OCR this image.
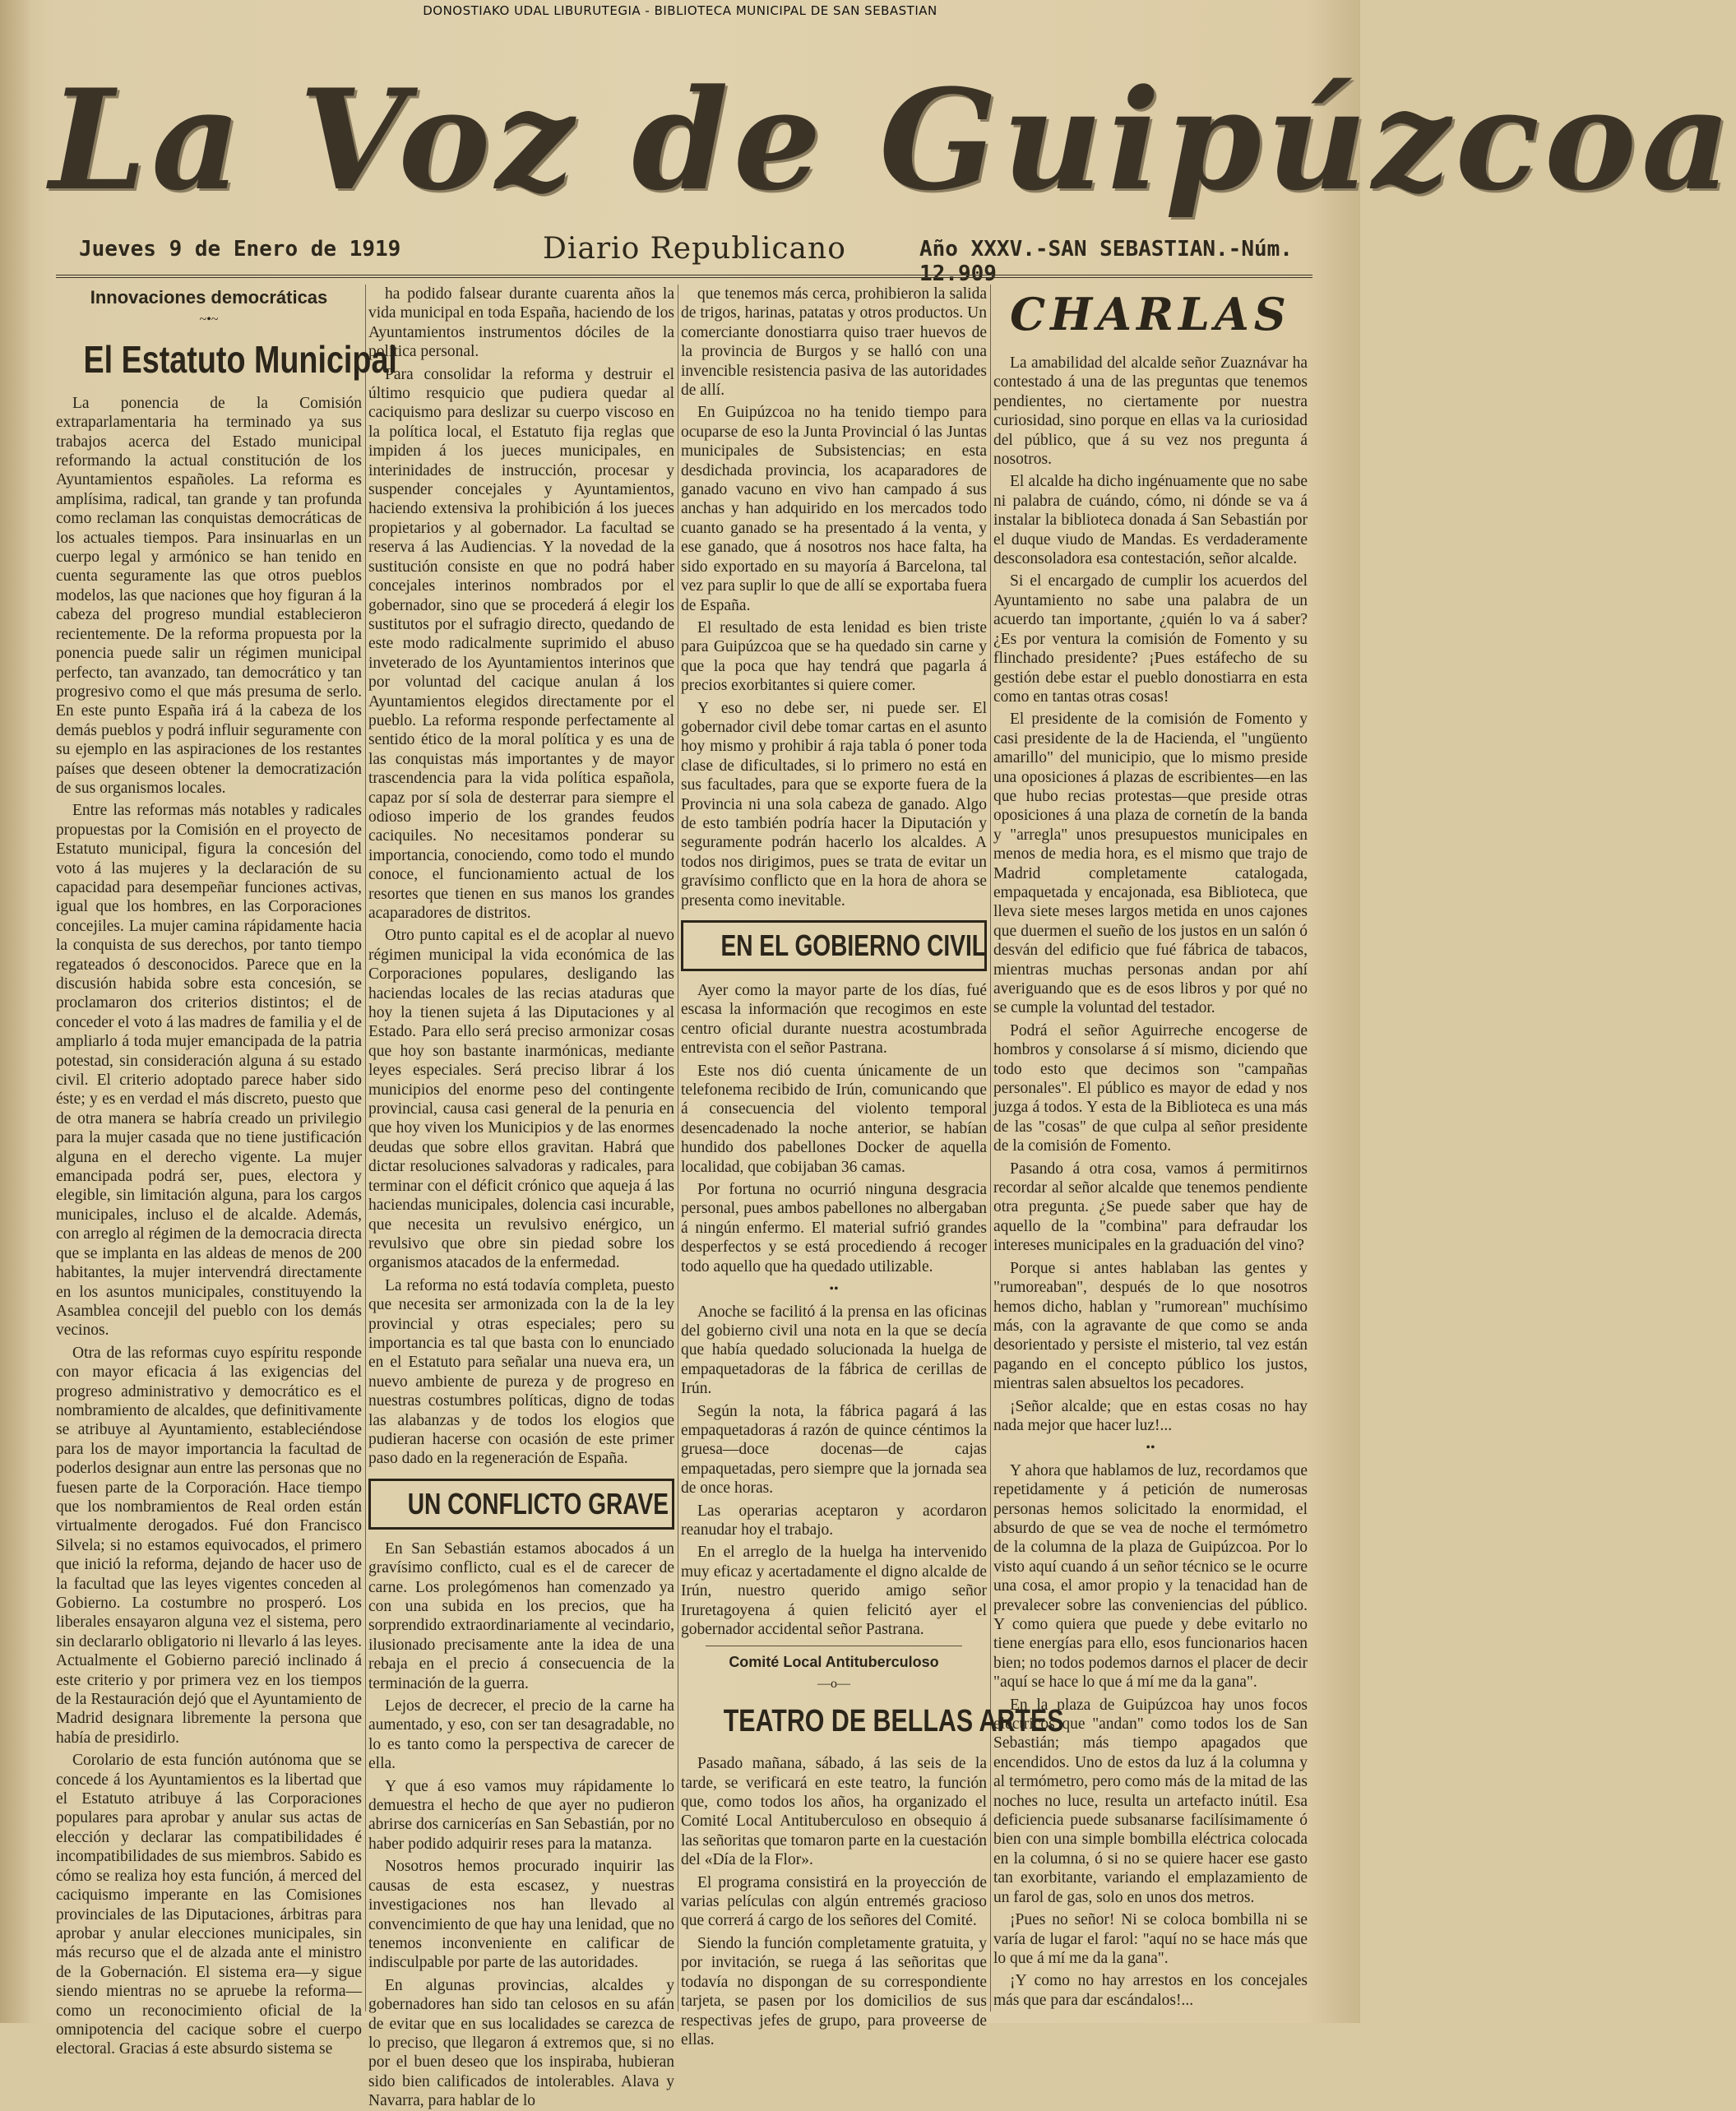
DONOSTIAKO UDAL LIBURUTEGIA - BIBLIOTECA MUNICIPAL DE SAN SEBASTIAN
La Voz de Guipúzcoa
Jueves 9 de Enero de 1919	Diario Republicano	Año XXXV.-SAN SEBASTIAN.-Núm. 12.909
Innovaciones democráticas
~•~
El Estatuto Municipal

La ponencia de la Comisión extraparlamentaria ha terminado ya sus trabajos acerca del Estado municipal reformando la actual constitución de los Ayuntamientos españoles. La reforma es amplísima, radical, tan grande y tan profunda como reclaman las conquistas democráticas de los actuales tiempos. Para insinuarlas en un cuerpo legal y armónico se han tenido en cuenta seguramente las que otros pueblos modelos, las que naciones que hoy figuran á la cabeza del progreso mundial establecieron recientemente. De la reforma propuesta por la ponencia puede salir un régimen municipal perfecto, tan avanzado, tan democrático y tan progresivo como el que más presuma de serlo. En este punto España irá á la cabeza de los demás pueblos y podrá influir seguramente con su ejemplo en las aspiraciones de los restantes países que deseen obtener la democratización de sus organismos locales.

Entre las reformas más notables y radicales propuestas por la Comisión en el proyecto de Estatuto municipal, figura la concesión del voto á las mujeres y la declaración de su capacidad para desempeñar funciones activas, igual que los hombres, en las Corporaciones concejiles. La mujer camina rápidamente hacia la conquista de sus derechos, por tanto tiempo regateados ó desconocidos. Parece que en la discusión habida sobre esta concesión, se proclamaron dos criterios distintos; el de conceder el voto á las madres de familia y el de ampliarlo á toda mujer emancipada de la patria potestad, sin consideración alguna á su estado civil. El criterio adoptado parece haber sido éste; y es en verdad el más discreto, puesto que de otra manera se habría creado un privilegio para la mujer casada que no tiene justificación alguna en el derecho vigente. La mujer emancipada podrá ser, pues, electora y elegible, sin limitación alguna, para los cargos municipales, incluso el de alcalde. Además, con arreglo al régimen de la democracia directa que se implanta en las aldeas de menos de 200 habitantes, la mujer intervendrá directamente en los asuntos municipales, constituyendo la Asamblea concejil del pueblo con los demás vecinos.

Otra de las reformas cuyo espíritu responde con mayor eficacia á las exigencias del progreso administrativo y democrático es el nombramiento de alcaldes, que definitivamente se atribuye al Ayuntamiento, estableciéndose para los de mayor importancia la facultad de poderlos designar aun entre las personas que no fuesen parte de la Corporación. Hace tiempo que los nombramientos de Real orden están virtualmente derogados. Fué don Francisco Silvela; si no estamos equivocados, el primero que inició la reforma, dejando de hacer uso de la facultad que las leyes vigentes conceden al Gobierno. La costumbre no prosperó. Los liberales ensayaron alguna vez el sistema, pero sin declararlo obligatorio ni llevarlo á las leyes. Actualmente el Gobierno pareció inclinado á este criterio y por primera vez en los tiempos de la Restauración dejó que el Ayuntamiento de Madrid designara libremente la persona que había de presidirlo.

Corolario de esta función autónoma que se concede á los Ayuntamientos es la libertad que el Estatuto atribuye á las Corporaciones populares para aprobar y anular sus actas de elección y declarar las compatibilidades é incompatibilidades de sus miembros. Sabido es cómo se realiza hoy esta función, á merced del caciquismo imperante en las Comisiones provinciales de las Diputaciones, árbitras para aprobar y anular elecciones municipales, sin más recurso que el de alzada ante el ministro de la Gobernación. El sistema era—y sigue siendo mientras no se apruebe la reforma—como un reconocimiento oficial de la omnipotencia del cacique sobre el cuerpo electoral. Gracias á este absurdo sistema se

ha podido falsear durante cuarenta años la vida municipal en toda España, haciendo de los Ayuntamientos instrumentos dóciles de la política personal.

Para consolidar la reforma y destruir el último resquicio que pudiera quedar al caciquismo para deslizar su cuerpo viscoso en la política local, el Estatuto fija reglas que impiden á los jueces municipales, en interinidades de instrucción, procesar y suspender concejales y Ayuntamientos, haciendo extensiva la prohibición á los jueces propietarios y al gobernador. La facultad se reserva á las Audiencias. Y la novedad de la sustitución consiste en que no podrá haber concejales interinos nombrados por el gobernador, sino que se procederá á elegir los sustitutos por el sufragio directo, quedando de este modo radicalmente suprimido el abuso inveterado de los Ayuntamientos interinos que por voluntad del cacique anulan á los Ayuntamientos elegidos directamente por el pueblo. La reforma responde perfectamente al sentido ético de la moral política y es una de las conquistas más importantes y de mayor trascendencia para la vida política española, capaz por sí sola de desterrar para siempre el odioso imperio de los grandes feudos caciquiles. No necesitamos ponderar su importancia, conociendo, como todo el mundo conoce, el funcionamiento actual de los resortes que tienen en sus manos los grandes acaparadores de distritos.

Otro punto capital es el de acoplar al nuevo régimen municipal la vida económica de las Corporaciones populares, desligando las haciendas locales de las recias ataduras que hoy la tienen sujeta á las Diputaciones y al Estado. Para ello será preciso armonizar cosas que hoy son bastante inarmónicas, mediante leyes especiales. Será preciso librar á los municipios del enorme peso del contingente provincial, causa casi general de la penuria en que hoy viven los Municipios y de las enormes deudas que sobre ellos gravitan. Habrá que dictar resoluciones salvadoras y radicales, para terminar con el déficit crónico que aqueja á las haciendas municipales, dolencia casi incurable, que necesita un revulsivo enérgico, un revulsivo que obre sin piedad sobre los organismos atacados de la enfermedad.

La reforma no está todavía completa, puesto que necesita ser armonizada con la de la ley provincial y otras especiales; pero su importancia es tal que basta con lo enunciado en el Estatuto para señalar una nueva era, un nuevo ambiente de pureza y de progreso en nuestras costumbres políticas, digno de todas las alabanzas y de todos los elogios que pudieran hacerse con ocasión de este primer paso dado en la regeneración de España.

UN CONFLICTO GRAVE

En San Sebastián estamos abocados á un gravísimo conflicto, cual es el de carecer de carne. Los prolegómenos han comenzado ya con una subida en los precios, que ha sorprendido extraordinariamente al vecindario, ilusionado precisamente ante la idea de una rebaja en el precio á consecuencia de la terminación de la guerra.

Lejos de decrecer, el precio de la carne ha aumentado, y eso, con ser tan desagradable, no lo es tanto como la perspectiva de carecer de ella.

Y que á eso vamos muy rápidamente lo demuestra el hecho de que ayer no pudieron abrirse dos carnicerías en San Sebastián, por no haber podido adquirir reses para la matanza.

Nosotros hemos procurado inquirir las causas de esta escasez, y nuestras investigaciones nos han llevado al convencimiento de que hay una lenidad, que no tenemos inconveniente en calificar de indisculpable por parte de las autoridades.

En algunas provincias, alcaldes y gobernadores han sido tan celosos en su afán de evitar que en sus localidades se carezca de lo preciso, que llegaron á extremos que, si no por el buen deseo que los inspiraba, hubieran sido bien calificados de intolerables. Alava y Navarra, para hablar de lo

que tenemos más cerca, prohibieron la salida de trigos, harinas, patatas y otros productos. Un comerciante donostiarra quiso traer huevos de la provincia de Burgos y se halló con una invencible resistencia pasiva de las autoridades de allí.

En Guipúzcoa no ha tenido tiempo para ocuparse de eso la Junta Provincial ó las Juntas municipales de Subsistencias; en esta desdichada provincia, los acaparadores de ganado vacuno en vivo han campado á sus anchas y han adquirido en los mercados todo cuanto ganado se ha presentado á la venta, y ese ganado, que á nosotros nos hace falta, ha sido exportado en su mayoría á Barcelona, tal vez para suplir lo que de allí se exportaba fuera de España.

El resultado de esta lenidad es bien triste para Guipúzcoa que se ha quedado sin carne y que la poca que hay tendrá que pagarla á precios exorbitantes si quiere comer.

Y eso no debe ser, ni puede ser. El gobernador civil debe tomar cartas en el asunto hoy mismo y prohibir á raja tabla ó poner toda clase de dificultades, si lo primero no está en sus facultades, para que se exporte fuera de la Provincia ni una sola cabeza de ganado. Algo de esto también podría hacer la Diputación y seguramente podrán hacerlo los alcaldes. A todos nos dirigimos, pues se trata de evitar un gravísimo conflicto que en la hora de ahora se presenta como inevitable.

EN EL GOBIERNO CIVIL

Ayer como la mayor parte de los días, fué escasa la información que recogimos en este centro oficial durante nuestra acostumbrada entrevista con el señor Pastrana.

Este nos dió cuenta únicamente de un telefonema recibido de Irún, comunicando que á consecuencia del violento temporal desencadenado la noche anterior, se habían hundido dos pabellones Docker de aquella localidad, que cobijaban 36 camas.

Por fortuna no ocurrió ninguna desgracia personal, pues ambos pabellones no albergaban á ningún enfermo. El material sufrió grandes desperfectos y se está procediendo á recoger todo aquello que ha quedado utilizable.

••

Anoche se facilitó á la prensa en las oficinas del gobierno civil una nota en la que se decía que había quedado solucionada la huelga de empaquetadoras de la fábrica de cerillas de Irún.

Según la nota, la fábrica pagará á las empaquetadoras á razón de quince céntimos la gruesa—doce docenas—de cajas empaquetadas, pero siempre que la jornada sea de once horas.

Las operarias aceptaron y acordaron reanudar hoy el trabajo.

En el arreglo de la huelga ha intervenido muy eficaz y acertadamente el digno alcalde de Irún, nuestro querido amigo señor Iruretagoyena á quien felicitó ayer el gobernador accidental señor Pastrana.

Comité Local Antituberculoso
—o—
TEATRO DE BELLAS ARTES

Pasado mañana, sábado, á las seis de la tarde, se verificará en este teatro, la función que, como todos los años, ha organizado el Comité Local Antituberculoso en obsequio á las señoritas que tomaron parte en la cuestación del «Día de la Flor».

El programa consistirá en la proyección de varias películas con algún entremés gracioso que correrá á cargo de los señores del Comité.

Siendo la función completamente gratuita, y por invitación, se ruega á las señoritas que todavía no dispongan de su correspondiente tarjeta, se pasen por los domicilios de sus respectivas jefes de grupo, para proveerse de ellas.

CHARLAS

La amabilidad del alcalde señor Zuaznávar ha contestado á una de las preguntas que tenemos pendientes, no ciertamente por nuestra curiosidad, sino porque en ellas va la curiosidad del público, que á su vez nos pregunta á nosotros.

El alcalde ha dicho ingénuamente que no sabe ni palabra de cuándo, cómo, ni dónde se va á instalar la biblioteca donada á San Sebastián por el duque viudo de Mandas. Es verdaderamente desconsoladora esa contestación, señor alcalde.

Si el encargado de cumplir los acuerdos del Ayuntamiento no sabe una palabra de un acuerdo tan importante, ¿quién lo va á saber? ¿Es por ventura la comisión de Fomento y su flinchado presidente? ¡Pues estáfecho de su gestión debe estar el pueblo donostiarra en esta como en tantas otras cosas!

El presidente de la comisión de Fomento y casi presidente de la de Hacienda, el "ungüento amarillo" del municipio, que lo mismo preside una oposiciones á plazas de escribientes—en las que hubo recias protestas—que preside otras oposiciones á una plaza de cornetín de la banda y "arregla" unos presupuestos municipales en menos de media hora, es el mismo que trajo de Madrid completamente catalogada, empaquetada y encajonada, esa Biblioteca, que lleva siete meses largos metida en unos cajones que duermen el sueño de los justos en un salón ó desván del edificio que fué fábrica de tabacos, mientras muchas personas andan por ahí averiguando que es de esos libros y por qué no se cumple la voluntad del testador.

Podrá el señor Aguirreche encogerse de hombros y consolarse á sí mismo, diciendo que todo esto que decimos son "campañas personales". El público es mayor de edad y nos juzga á todos. Y esta de la Biblioteca es una más de las "cosas" de que culpa al señor presidente de la comisión de Fomento.

Pasando á otra cosa, vamos á permitirnos recordar al señor alcalde que tenemos pendiente otra pregunta. ¿Se puede saber que hay de aquello de la "combina" para defraudar los intereses municipales en la graduación del vino?

Porque si antes hablaban las gentes y "rumoreaban", después de lo que nosotros hemos dicho, hablan y "rumorean" muchísimo más, con la agravante de que como se anda desorientado y persiste el misterio, tal vez están pagando en el concepto público los justos, mientras salen absueltos los pecadores.

¡Señor alcalde; que en estas cosas no hay nada mejor que hacer luz!...

••

Y ahora que hablamos de luz, recordamos que repetidamente y á petición de numerosas personas hemos solicitado la enormidad, el absurdo de que se vea de noche el termómetro de la columna de la plaza de Guipúzcoa. Por lo visto aquí cuando á un señor técnico se le ocurre una cosa, el amor propio y la tenacidad han de prevalecer sobre las conveniencias del público. Y como quiera que puede y debe evitarlo no tiene energías para ello, esos funcionarios hacen bien; no todos podemos darnos el placer de decir "aquí se hace lo que á mí me da la gana".

En la plaza de Guipúzcoa hay unos focos eléctricos que "andan" como todos los de San Sebastián; más tiempo apagados que encendidos. Uno de estos da luz á la columna y al termómetro, pero como más de la mitad de las noches no luce, resulta un artefacto inútil. Esa deficiencia puede subsanarse facilísimamente ó bien con una simple bombilla eléctrica colocada en la columna, ó si no se quiere hacer ese gasto tan exorbitante, variando el emplazamiento de un farol de gas, solo en unos dos metros.

¡Pues no señor! Ni se coloca bombilla ni se varía de lugar el farol: "aquí no se hace más que lo que á mí me da la gana".

¡Y como no hay arrestos en los concejales más que para dar escándalos!...
